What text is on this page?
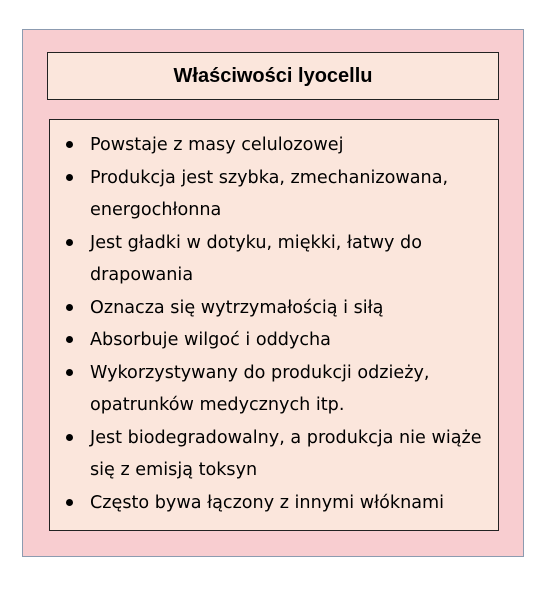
Właściwości lyocellu
Powstaje z masy celulozowej
Produkcja jest szybka, zmechanizowana, energochłonna
Jest gładki w dotyku, miękki, łatwy do drapowania
Oznacza się wytrzymałością i siłą
Absorbuje wilgoć i oddycha
Wykorzystywany do produkcji odzieży, opatrunków medycznych itp.
Jest biodegradowalny, a produkcja nie wiąże się z emisją toksyn
Często bywa łączony z innymi włóknami
